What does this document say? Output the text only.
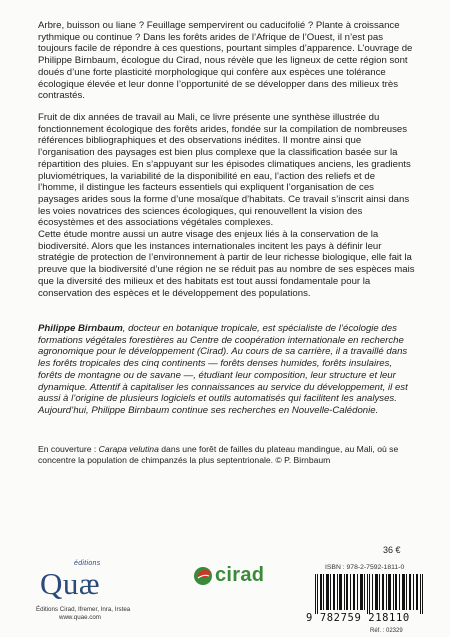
Arbre, buisson ou liane ? Feuillage sempervirent ou caducifolié ? Plante à croissance rythmique ou continue ? Dans les forêts arides de l’Afrique de l’Ouest, il n’est pas toujours facile de répondre à ces questions, pourtant simples d’apparence. L’ouvrage de Philippe Birnbaum, écologue du Cirad, nous révèle que les ligneux de cette région sont doués d’une forte plasticité morphologique qui confère aux espèces une tolérance écologique élevée et leur donne l’opportunité de se développer dans des milieux très contrastés.

Fruit de dix années de travail au Mali, ce livre présente une synthèse illustrée du fonctionnement écologique des forêts arides, fondée sur la compilation de nombreuses références bibliographiques et des observations inédites. Il montre ainsi que l’organisation des paysages est bien plus complexe que la classification basée sur la répartition des pluies. En s’appuyant sur les épisodes climatiques anciens, les gradients pluviométriques, la variabilité de la disponibilité en eau, l’action des reliefs et de l’homme, il distingue les facteurs essentiels qui expliquent l’organisation de ces paysages arides sous la forme d’une mosaïque d’habitats. Ce travail s’inscrit ainsi dans les voies novatrices des sciences écologiques, qui renouvellent la vision des écosystèmes et des associations végétales complexes.

Cette étude montre aussi un autre visage des enjeux liés à la conservation de la biodiversité. Alors que les instances internationales incitent les pays à définir leur stratégie de protection de l’environnement à partir de leur richesse biologique, elle fait la preuve que la biodiversité d’une région ne se réduit pas au nombre de ses espèces mais que la diversité des milieux et des habitats est tout aussi fondamentale pour la conservation des espèces et le développement des populations.

Philippe Birnbaum, docteur en botanique tropicale, est spécialiste de l’écologie des formations végétales forestières au Centre de coopération internationale en recherche agronomique pour le développement (Cirad). Au cours de sa carrière, il a travaillé dans les forêts tropicales des cinq continents — forêts denses humides, forêts insulaires, forêts de montagne ou de savane —, étudiant leur composition, leur structure et leur dynamique. Attentif à capitaliser les connaissances au service du développement, il est aussi à l’origine de plusieurs logiciels et outils automatisés qui facilitent les analyses. Aujourd’hui, Philippe Birnbaum continue ses recherches en Nouvelle-Calédonie.

En couverture : Carapa velutina dans une forêt de failles du plateau mandingue, au Mali, où se concentre la population de chimpanzés la plus septentrionale. © P. Birnbaum

éditions
Quæ
Éditions Cirad, Ifremer, Inra, Irstea
www.quae.com
cirad
36 €
ISBN : 978-2-7592-1811-0
9 782759 218110
Réf. : 02329
